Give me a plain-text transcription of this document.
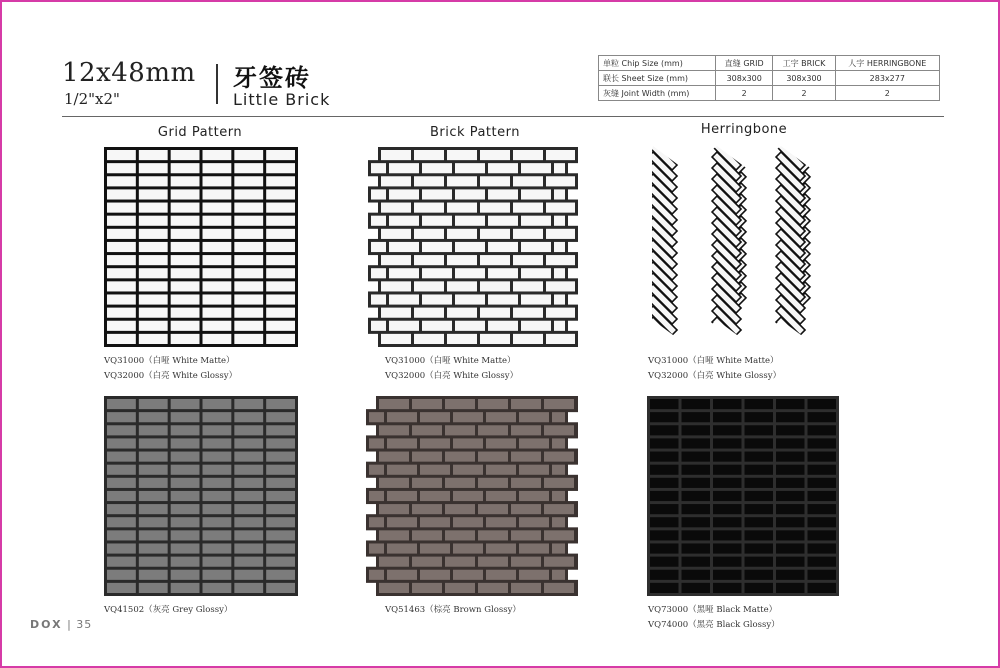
12x48mm
1/2"x2"
牙签砖
Little Brick
单粒 Chip Size (mm)	直缝 GRID	工字 BRICK	人字 HERRINGBONE
联长 Sheet Size (mm)	308x300	308x300	283x277
灰缝 Joint Width (mm)	2	2	2
Grid Pattern	Brick Pattern	Herringbone
VQ31000（白哑 White Matte）
VQ32000（白亮 White Glossy）
VQ31000（白哑 White Matte）
VQ32000（白亮 White Glossy）
VQ31000（白哑 White Matte）
VQ32000（白亮 White Glossy）
VQ41502（灰亮 Grey Glossy）	VQ51463（棕亮 Brown Glossy）	VQ73000（黑哑 Black Matte）
VQ74000（黑亮 Black Glossy）
DOX | 35
